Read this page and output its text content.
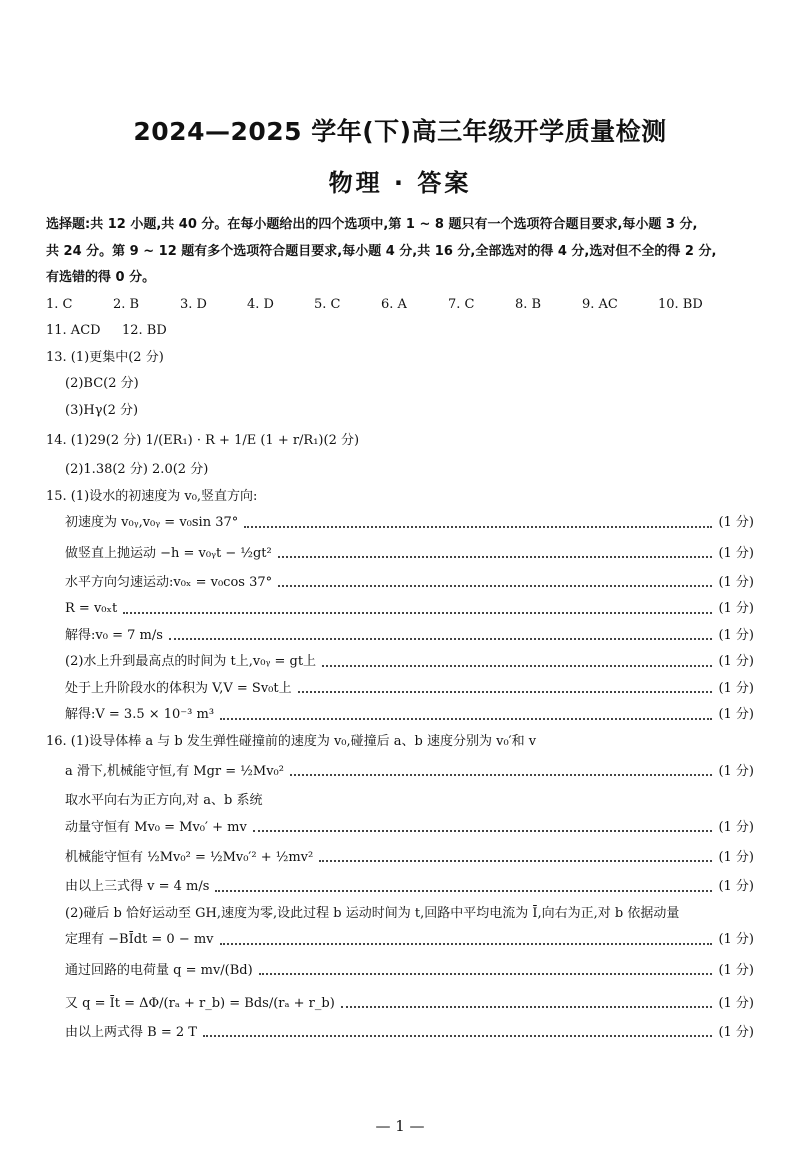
2024—2025 学年(下)高三年级开学质量检测
物理 · 答案
选择题:共 12 小题,共 40 分。在每小题给出的四个选项中,第 1 ~ 8 题只有一个选项符合题目要求,每小题 3 分,
共 24 分。第 9 ~ 12 题有多个选项符合题目要求,每小题 4 分,共 16 分,全部选对的得 4 分,选对但不全的得 2 分,
有选错的得 0 分。
1. C	2. B	3. D	4. D	5. C	6. A	7. C	8. B	9. AC	10. BD
11. ACD 12. BD
13. (1)更集中(2 分)
(2)BC(2 分)
(3)Hγ(2 分)
14. (1)29(2 分) 1/(ER₁) · R + 1/E (1 + r/R₁)(2 分)
(2)1.38(2 分) 2.0(2 分)
15. (1)设水的初速度为 v₀,竖直方向:
初速度为 v₀ᵧ,v₀ᵧ = v₀sin 37°	(1 分)
做竖直上抛运动 −h = v₀ᵧt − ½gt²	(1 分)
水平方向匀速运动:v₀ₓ = v₀cos 37°	(1 分)
R = v₀ₓt	(1 分)
解得:v₀ = 7 m/s	(1 分)
(2)水上升到最高点的时间为 t上,v₀ᵧ = gt上	(1 分)
处于上升阶段水的体积为 V,V = Sv₀t上	(1 分)
解得:V = 3.5 × 10⁻³ m³	(1 分)
16. (1)设导体棒 a 与 b 发生弹性碰撞前的速度为 v₀,碰撞后 a、b 速度分别为 v₀′和 v
a 滑下,机械能守恒,有 Mgr = ½Mv₀²	(1 分)
取水平向右为正方向,对 a、b 系统
动量守恒有 Mv₀ = Mv₀′ + mv	(1 分)
机械能守恒有 ½Mv₀² = ½Mv₀′² + ½mv²	(1 分)
由以上三式得 v = 4 m/s	(1 分)
(2)碰后 b 恰好运动至 GH,速度为零,设此过程 b 运动时间为 t,回路中平均电流为 Ī,向右为正,对 b 依据动量
定理有 −BĪdt = 0 − mv	(1 分)
通过回路的电荷量 q = mv/(Bd)	(1 分)
又 q = Īt = ΔΦ/(rₐ + r_b) = Bds/(rₐ + r_b)	(1 分)
由以上两式得 B = 2 T	(1 分)
— 1 —
